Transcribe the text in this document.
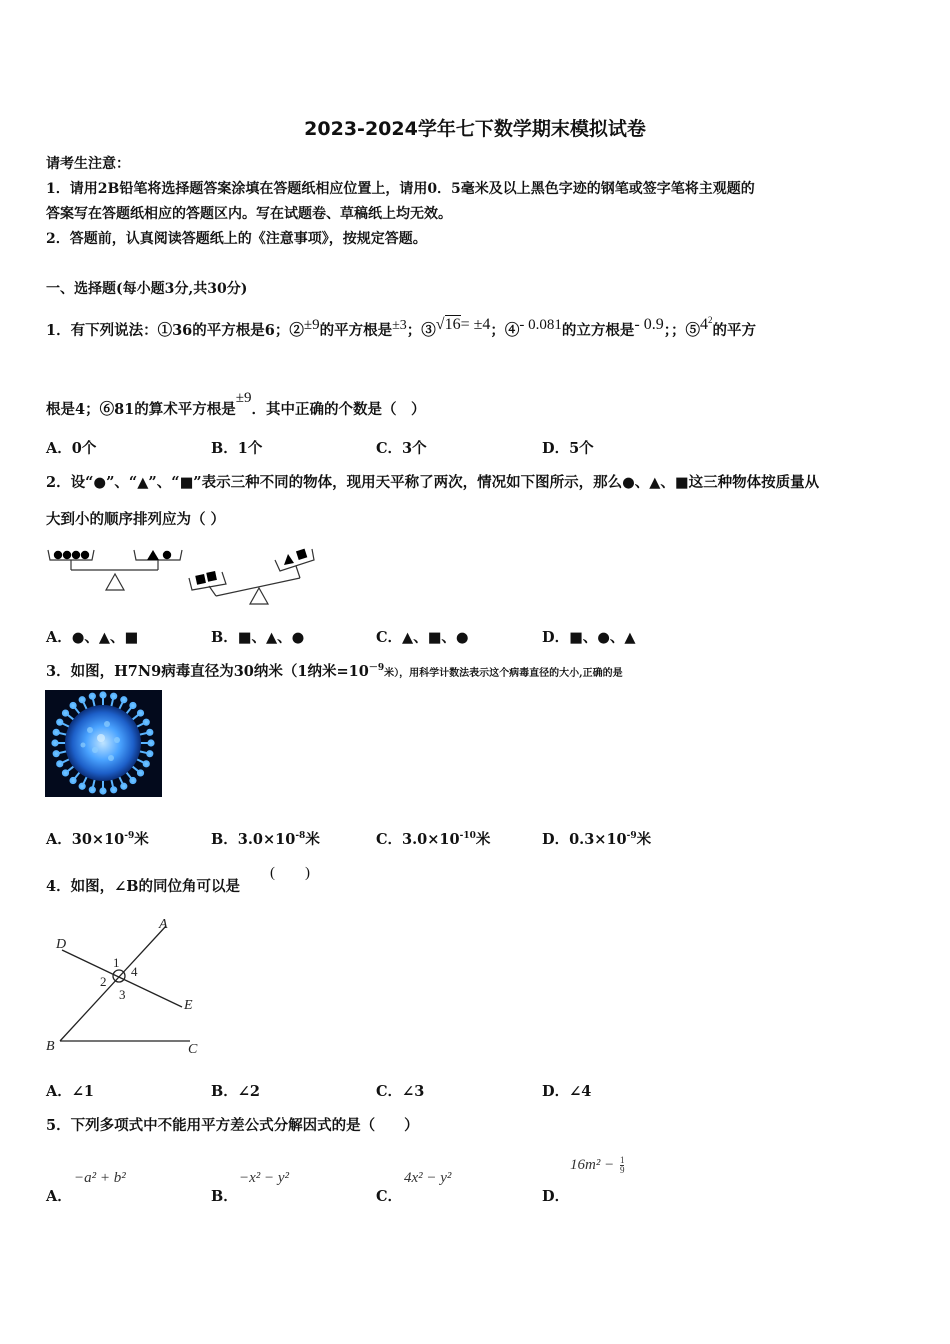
2023-2024学年七下数学期末模拟试卷
请考生注意：
1．请用2B铅笔将选择题答案涂填在答题纸相应位置上，请用0．5毫米及以上黑色字迹的钢笔或签字笔将主观题的
答案写在答题纸相应的答题区内。写在试题卷、草稿纸上均无效。
2．答题前，认真阅读答题纸上的《注意事项》，按规定答题。
一、选择题(每小题3分,共30分)
1．有下列说法：①36的平方根是6；②±9的平方根是±3；③√16= ±4；④- 0.081的立方根是- 0.9；；$⑤4^2$的平方
根是4；⑥81的算术平方根是±9．其中正确的个数是（　）
A．0个	B．1个	C．3个	D．5个
2．设“●”、“▲”、“■”表示三种不同的物体，现用天平称了两次，情况如下图所示，那么●、▲、■这三种物体按质量从
大到小的顺序排列应为（ ）
A．●、▲、■	B．■、▲、●	C．▲、■、●	D．■、●、▲
3．如图，H7N9病毒直径为30纳米（1纳米$=10^{-9}$米），用科学计数法表示这个病毒直径的大小,正确的是
A．$30\times 10^{-9}$米	B．$3.0\times 10^{-8}$米	C．$3.0\times 10^{-10}$米	D．$0.3\times 10^{-9}$米
4．如图，∠B的同位角可以是
(　　)
D
A
E
B	C
1
4
2
3
A．∠1	B．∠2	C．∠3	D．∠4
5．下列多项式中不能用平方差公式分解因式的是（　　）
A．
−a² + b²
B．
−x² − y²
C．
4x² − y²
D．
$16m^2 - \frac{1}{9}$
